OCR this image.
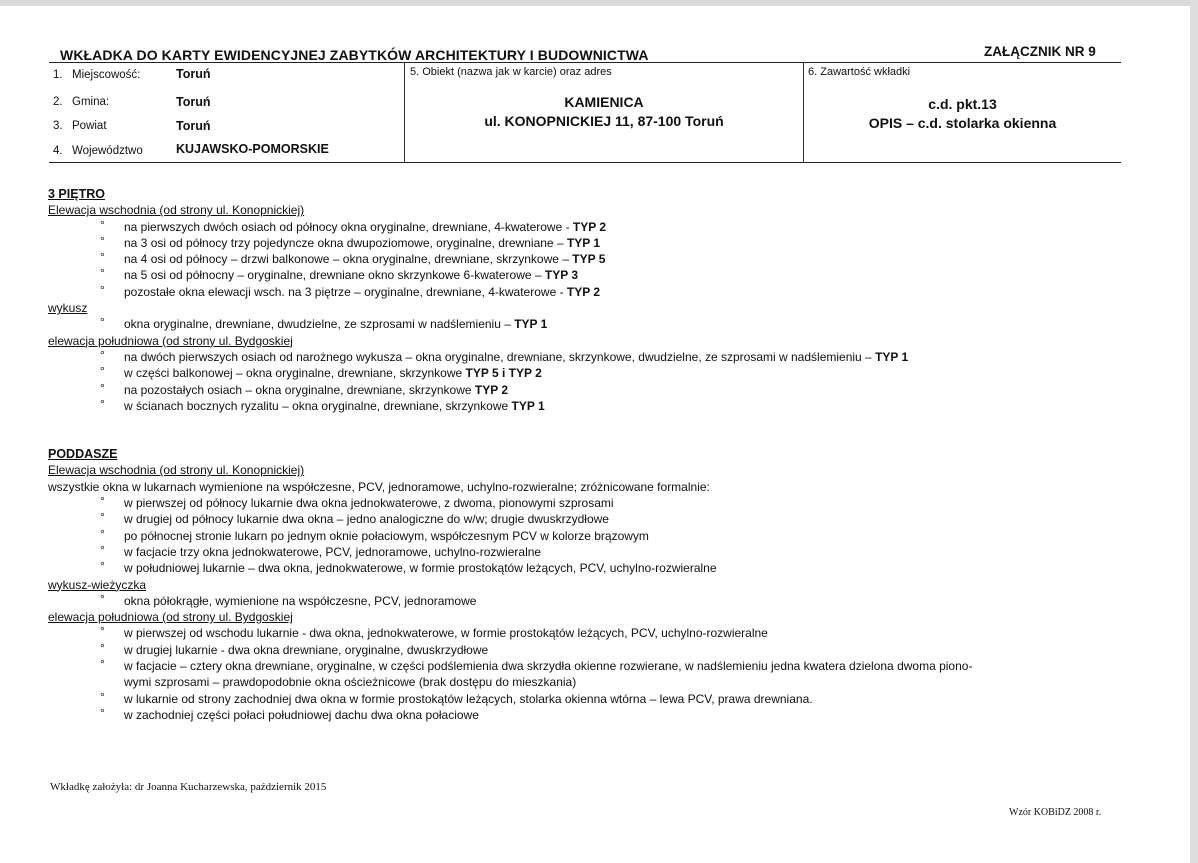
WKŁADKA DO KARTY EWIDENCYJNEJ ZABYTKÓW ARCHITEKTURY I BUDOWNICTWA	ZAŁĄCZNIK NR 9
1. Miejscowość:	Toruń
2. Gmina:	Toruń
3. Powiat	Toruń
4. Województwo	KUJAWSKO-POMORSKIE
5. Obiekt (nazwa jak w karcie) oraz adres
KAMIENICA
ul. KONOPNICKIEJ 11, 87-100 Toruń
6. Zawartość wkładki
c.d. pkt.13
OPIS – c.d. stolarka okienna
3 PIĘTRO
Elewacja wschodnia (od strony ul. Konopnickiej)
° na pierwszych dwóch osiach od północy okna oryginalne, drewniane, 4-kwaterowe - TYP 2
° na 3 osi od północy trzy pojedyncze okna dwupoziomowe, oryginalne, drewniane – TYP 1
° na 4 osi od północy – drzwi balkonowe – okna oryginalne, drewniane, skrzynkowe – TYP 5
° na 5 osi od północny – oryginalne, drewniane okno skrzynkowe 6-kwaterowe – TYP 3
° pozostałe okna elewacji wsch. na 3 piętrze – oryginalne, drewniane, 4-kwaterowe - TYP 2
wykusz
° okna oryginalne, drewniane, dwudzielne, ze szprosami w nadślemieniu – TYP 1
elewacja południowa (od strony ul. Bydgoskiej
° na dwóch pierwszych osiach od narożnego wykusza – okna oryginalne, drewniane, skrzynkowe, dwudzielne, ze szprosami w nadślemieniu – TYP 1
° w części balkonowej – okna oryginalne, drewniane, skrzynkowe TYP 5 i TYP 2
° na pozostałych osiach – okna oryginalne, drewniane, skrzynkowe TYP 2
° w ścianach bocznych ryzalitu – okna oryginalne, drewniane, skrzynkowe TYP 1
PODDASZE
Elewacja wschodnia (od strony ul. Konopnickiej)
wszystkie okna w lukarnach wymienione na współczesne, PCV, jednoramowe, uchylno-rozwieralne; zróżnicowane formalnie:
° w pierwszej od północy lukarnie dwa okna jednokwaterowe, z dwoma, pionowymi szprosami
° w drugiej od północy lukarnie dwa okna – jedno analogiczne do w/w; drugie dwuskrzydłowe
° po północnej stronie lukarn po jednym oknie połaciowym, współczesnym PCV w kolorze brązowym
° w facjacie trzy okna jednokwaterowe, PCV, jednoramowe, uchylno-rozwieralne
° w południowej lukarnie – dwa okna, jednokwaterowe, w formie prostokątów leżących, PCV, uchylno-rozwieralne
wykusz-wieżyczka
° okna półokrągłe, wymienione na współczesne, PCV, jednoramowe
elewacja południowa (od strony ul. Bydgoskiej
° w pierwszej od wschodu lukarnie - dwa okna, jednokwaterowe, w formie prostokątów leżących, PCV, uchylno-rozwieralne
° w drugiej lukarnie - dwa okna drewniane, oryginalne, dwuskrzydłowe
° w facjacie – cztery okna drewniane, oryginalne, w części podślemienia dwa skrzydła okienne rozwierane, w nadślemieniu jedna kwatera dzielona dwoma piono-
wymi szprosami – prawdopodobnie okna ościeżnicowe (brak dostępu do mieszkania)
° w lukarnie od strony zachodniej dwa okna w formie prostokątów leżących, stolarka okienna wtórna – lewa PCV, prawa drewniana.
° w zachodniej części połaci południowej dachu dwa okna połaciowe
Wkładkę założyła: dr Joanna Kucharzewska, październik 2015
Wzór KOBiDZ 2008 r.
